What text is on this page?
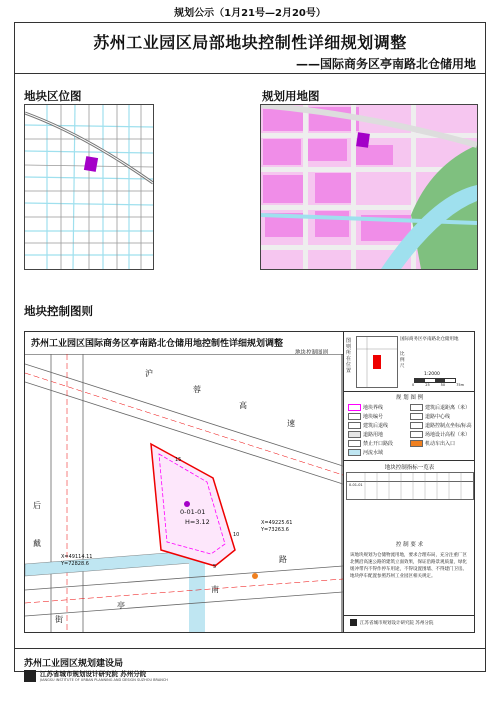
规划公示（1月21号—2月20号）
苏州工业园区局部地块控制性详细规划调整
——国际商务区亭南路北仓储用地
地块区位图	规划用地图
地块控制图则
苏州工业园区国际商务区亭南路北仓储用地控制性详细规划调整
地块控制图则
0-01-01
H=3.12
15
10
5
X=49225.61
Y=73263.6
X=49114.11
Y=72828.6
沪
蓉
高
速
亭
南
路
后
戴
街
图则所在位置
国际商务区亭南路北仓储用地
比例尺
1:2000
0	25	50	75m
规 划 图 例
地块界线	建筑后退距离（米）
地块编号	道路中心线
建筑后退线	道路控制点坐标/标高
道路用地	场地设计高程（米）
禁止开口路段	机动车出入口
河流水域
地块控制指标一览表
0-01-01
控 制 要 求
该地块规划为仓储物流用地，要求合理布局，充分注重厂区北侧沿高速公路的建筑立面效果，保证沿路景观质量，绿化缓冲带内不得作停车用途，不得设置围墙、不得建门卫房。地块停车配置参照苏州工业园区相关规定。
江苏省城市规划设计研究院 苏州分院
苏州工业园区规划建设局
江苏省城市规划设计研究院 苏州分院
JIANGSU INSTITUTE OF URBAN PLANNING AND DESIGN SUZHOU BRANCH
